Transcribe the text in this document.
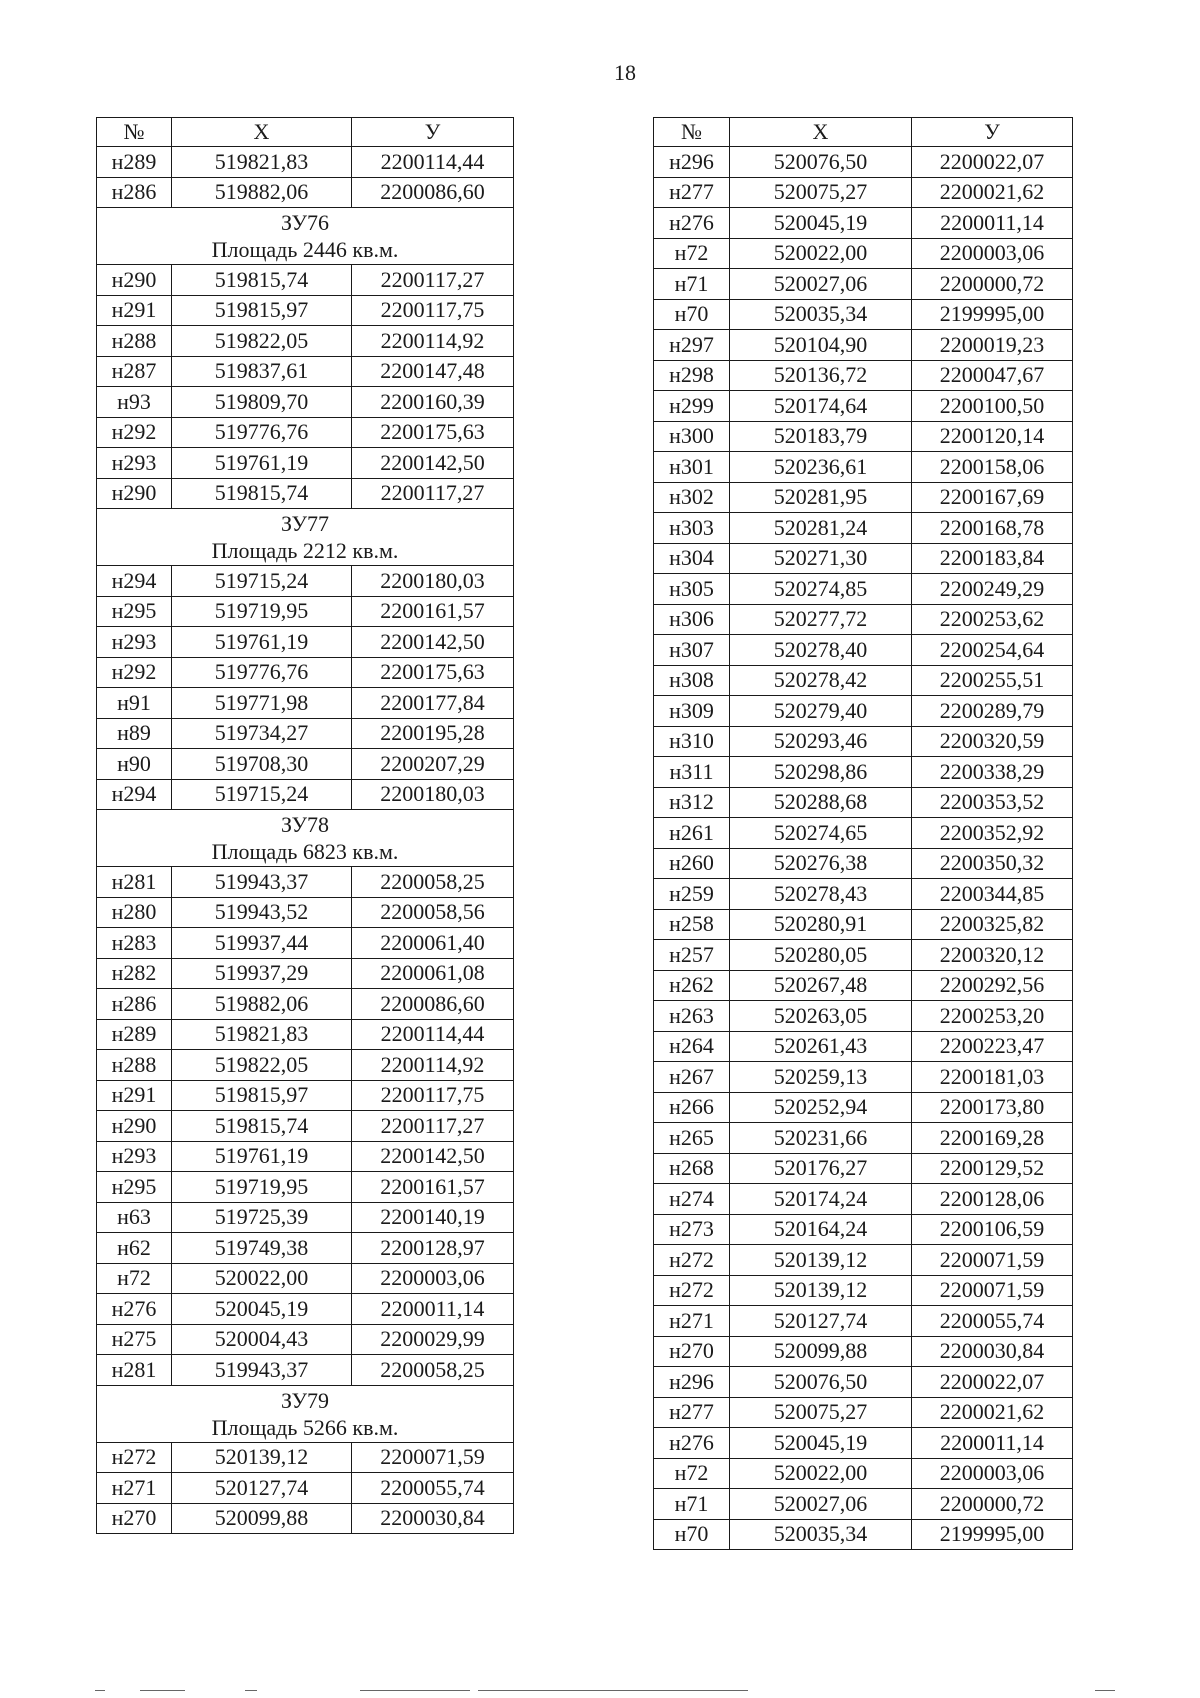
18
№	X	У
н289	519821,83	2200114,44
н286	519882,06	2200086,60

ЗУ76
Площадь 2446 кв.м.		

н290	519815,74	2200117,27
н291	519815,97	2200117,75
н288	519822,05	2200114,92
н287	519837,61	2200147,48
н93	519809,70	2200160,39
н292	519776,76	2200175,63
н293	519761,19	2200142,50
н290	519815,74	2200117,27

ЗУ77
Площадь 2212 кв.м.		

н294	519715,24	2200180,03
н295	519719,95	2200161,57
н293	519761,19	2200142,50
н292	519776,76	2200175,63
н91	519771,98	2200177,84
н89	519734,27	2200195,28
н90	519708,30	2200207,29
н294	519715,24	2200180,03

ЗУ78
Площадь 6823 кв.м.		

н281	519943,37	2200058,25
н280	519943,52	2200058,56
н283	519937,44	2200061,40
н282	519937,29	2200061,08
н286	519882,06	2200086,60
н289	519821,83	2200114,44
н288	519822,05	2200114,92
н291	519815,97	2200117,75
н290	519815,74	2200117,27
н293	519761,19	2200142,50
н295	519719,95	2200161,57
н63	519725,39	2200140,19
н62	519749,38	2200128,97
н72	520022,00	2200003,06
н276	520045,19	2200011,14
н275	520004,43	2200029,99
н281	519943,37	2200058,25

ЗУ79
Площадь 5266 кв.м.		

н272	520139,12	2200071,59
н271	520127,74	2200055,74
н270	520099,88	2200030,84
№	X	У
н296	520076,50	2200022,07
н277	520075,27	2200021,62
н276	520045,19	2200011,14
н72	520022,00	2200003,06
н71	520027,06	2200000,72
н70	520035,34	2199995,00
н297	520104,90	2200019,23
н298	520136,72	2200047,67
н299	520174,64	2200100,50
н300	520183,79	2200120,14
н301	520236,61	2200158,06
н302	520281,95	2200167,69
н303	520281,24	2200168,78
н304	520271,30	2200183,84
н305	520274,85	2200249,29
н306	520277,72	2200253,62
н307	520278,40	2200254,64
н308	520278,42	2200255,51
н309	520279,40	2200289,79
н310	520293,46	2200320,59
н311	520298,86	2200338,29
н312	520288,68	2200353,52
н261	520274,65	2200352,92
н260	520276,38	2200350,32
н259	520278,43	2200344,85
н258	520280,91	2200325,82
н257	520280,05	2200320,12
н262	520267,48	2200292,56
н263	520263,05	2200253,20
н264	520261,43	2200223,47
н267	520259,13	2200181,03
н266	520252,94	2200173,80
н265	520231,66	2200169,28
н268	520176,27	2200129,52
н274	520174,24	2200128,06
н273	520164,24	2200106,59
н272	520139,12	2200071,59
н272	520139,12	2200071,59
н271	520127,74	2200055,74
н270	520099,88	2200030,84
н296	520076,50	2200022,07
н277	520075,27	2200021,62
н276	520045,19	2200011,14
н72	520022,00	2200003,06
н71	520027,06	2200000,72
н70	520035,34	2199995,00
